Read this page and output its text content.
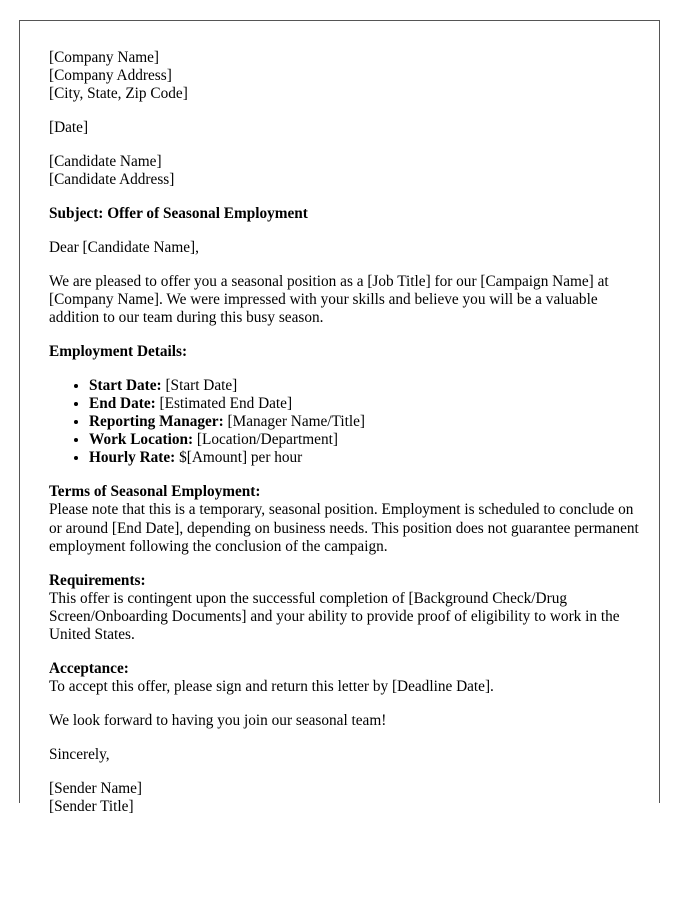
[Company Name]
[Company Address]
[City, State, Zip Code]
[Date]
[Candidate Name]
[Candidate Address]
Subject: Offer of Seasonal Employment
Dear [Candidate Name],
We are pleased to offer you a seasonal position as a [Job Title] for our [Campaign Name] at [Company Name]. We were impressed with your skills and believe you will be a valuable addition to our team during this busy season.
Employment Details:
• Start Date: [Start Date]
• End Date: [Estimated End Date]
• Reporting Manager: [Manager Name/Title]
• Work Location: [Location/Department]
• Hourly Rate: $[Amount] per hour
Terms of Seasonal Employment:
Please note that this is a temporary, seasonal position. Employment is scheduled to conclude on or around [End Date], depending on business needs. This position does not guarantee permanent employment following the conclusion of the campaign.
Requirements:
This offer is contingent upon the successful completion of [Background Check/Drug Screen/Onboarding Documents] and your ability to provide proof of eligibility to work in the United States.
Acceptance:
To accept this offer, please sign and return this letter by [Deadline Date].
We look forward to having you join our seasonal team!
Sincerely,
[Sender Name]
[Sender Title]
